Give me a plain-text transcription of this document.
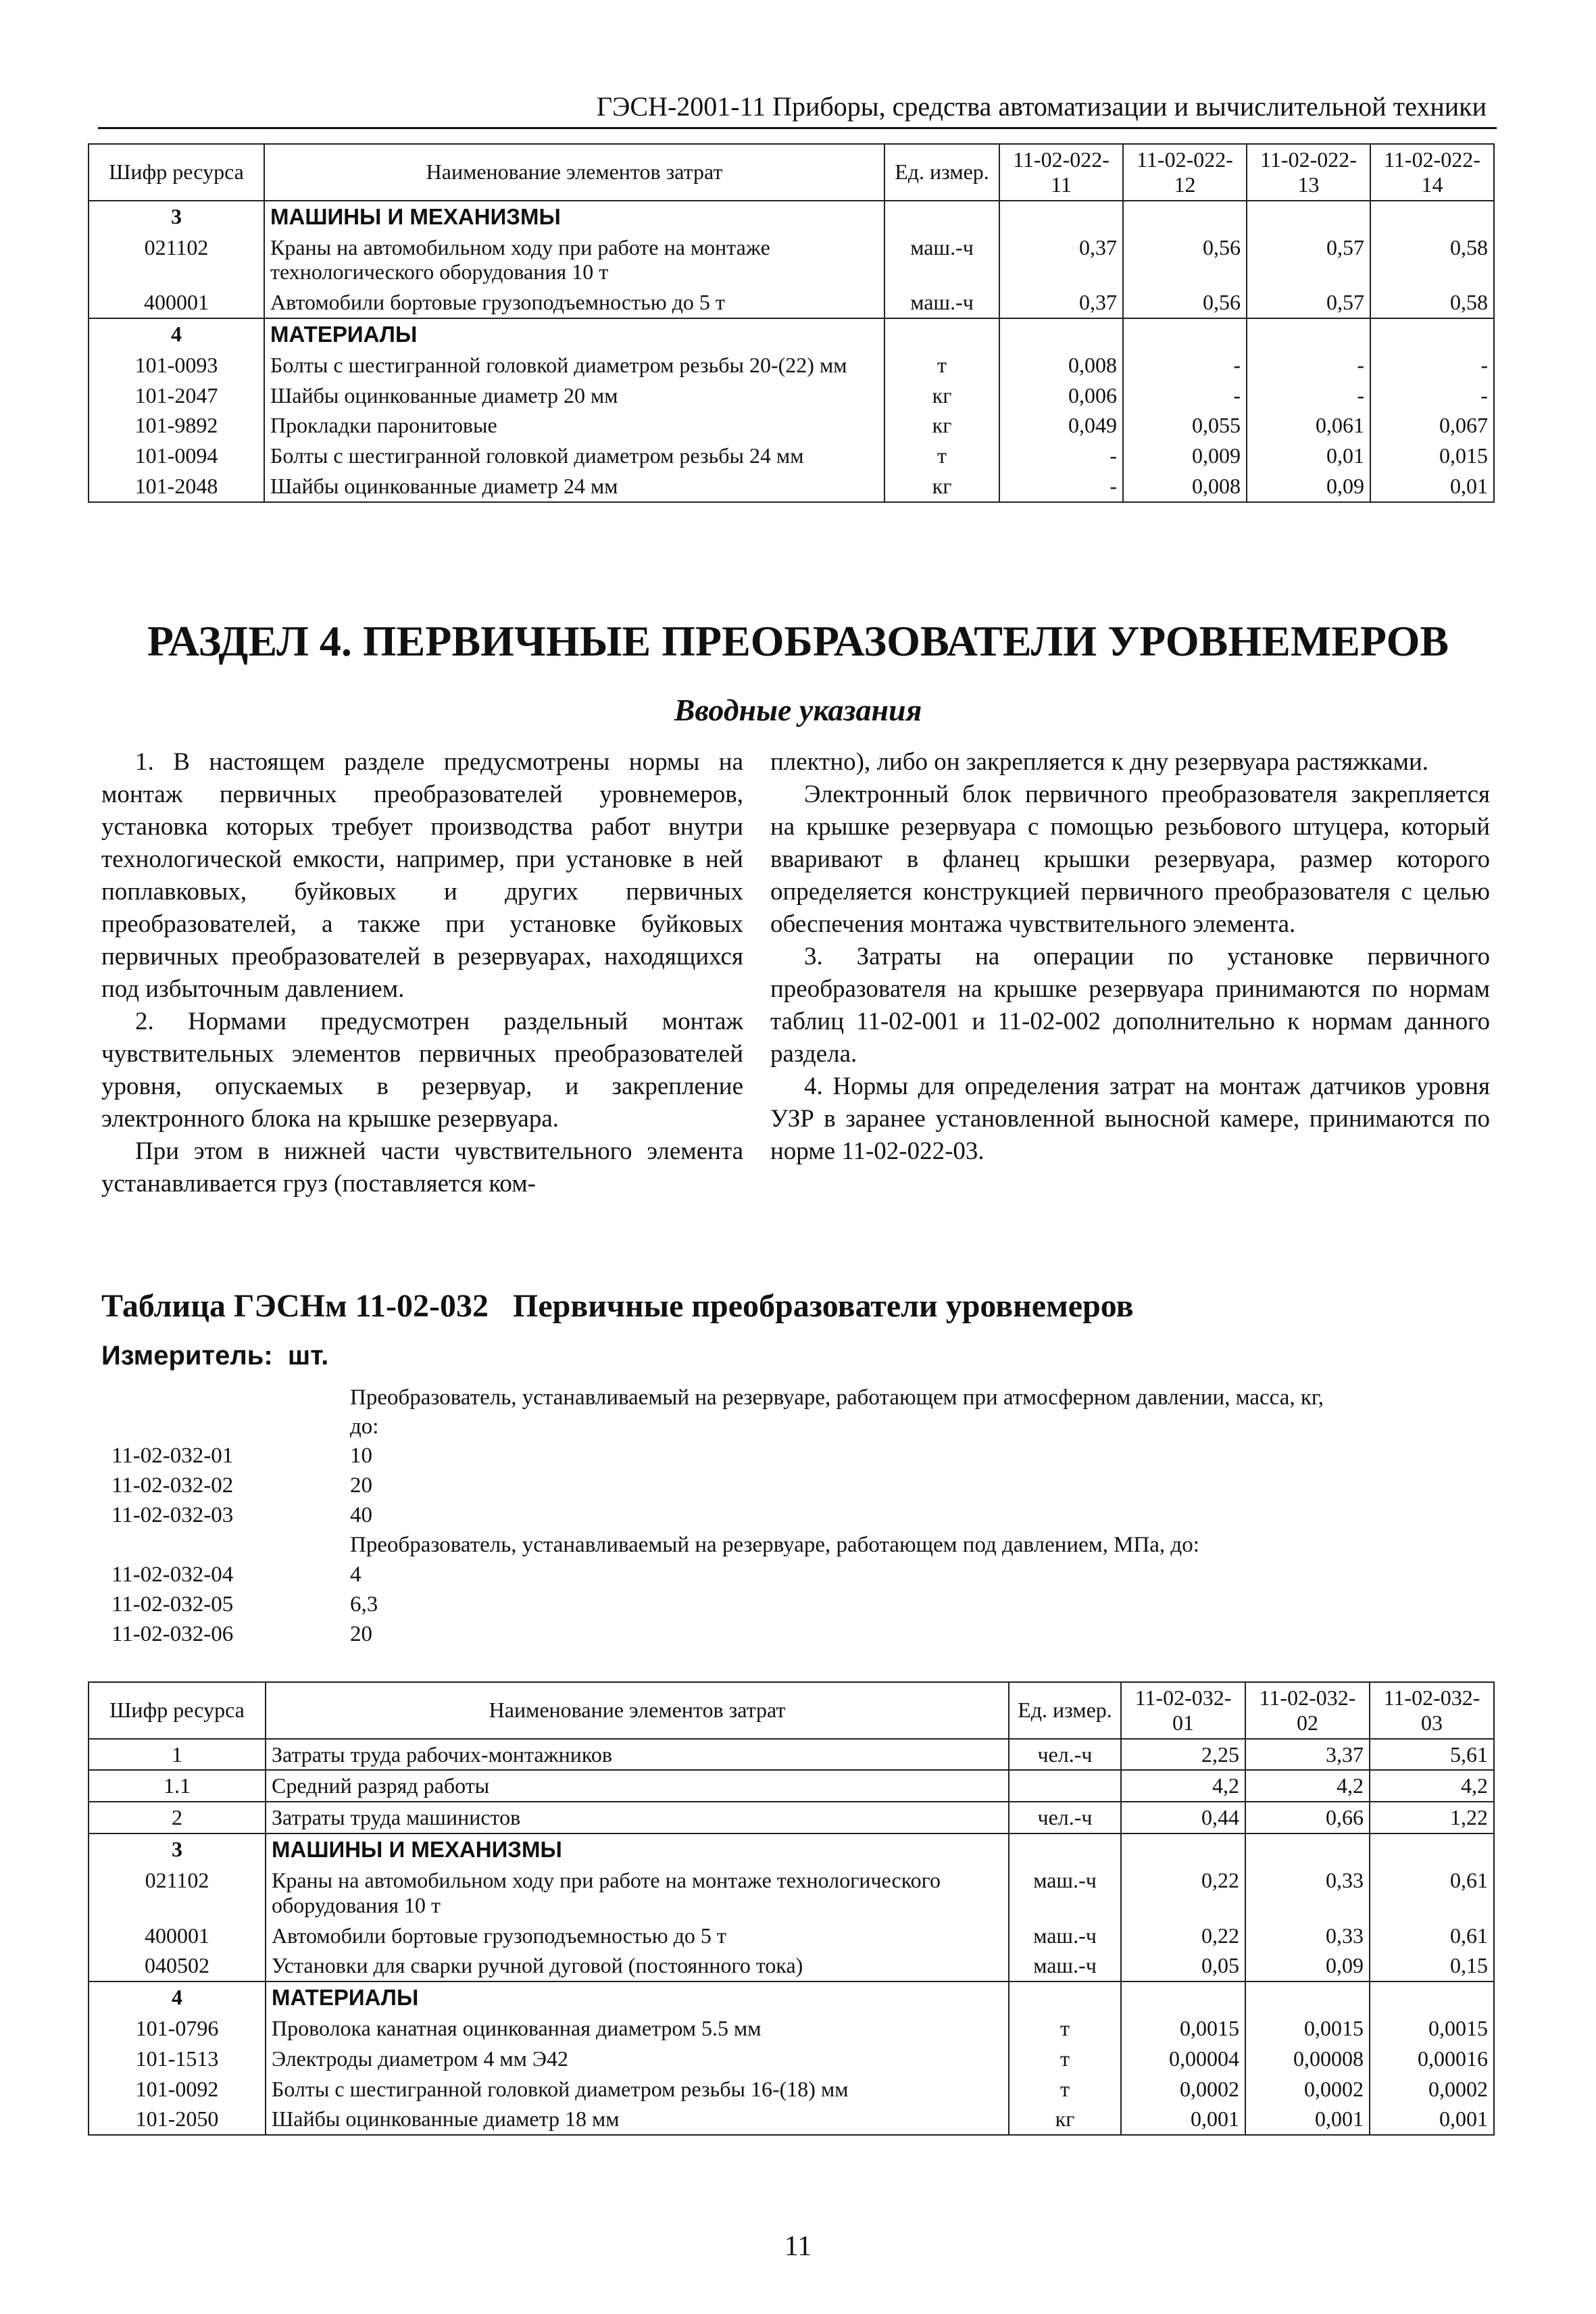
ГЭСН-2001-11 Приборы, средства автоматизации и вычислительной техники
Шифр ресурса	Наименование элементов затрат	Ед. измер.	11-02-022-11	11-02-022-12	11-02-022-13	11-02-022-14
3	МАШИНЫ И МЕХАНИЗМЫ					
021102	Краны на автомобильном ходу при работе на монтаже технологического оборудования 10 т	маш.-ч	0,37	0,56	0,57	0,58
400001	Автомобили бортовые грузоподъемностью до 5 т	маш.-ч	0,37	0,56	0,57	0,58
4	МАТЕРИАЛЫ					
101-0093	Болты с шестигранной головкой диаметром резьбы 20-(22) мм	т	0,008	-	-	-
101-2047	Шайбы оцинкованные диаметр 20 мм	кг	0,006	-	-	-
101-9892	Прокладки паронитовые	кг	0,049	0,055	0,061	0,067
101-0094	Болты с шестигранной головкой диаметром резьбы 24 мм	т	-	0,009	0,01	0,015
101-2048	Шайбы оцинкованные диаметр 24 мм	кг	-	0,008	0,09	0,01
РАЗДЕЛ 4. ПЕРВИЧНЫЕ ПРЕОБРАЗОВАТЕЛИ УРОВНЕМЕРОВ
Вводные указания

1. В настоящем разделе предусмотрены нормы на монтаж первичных преобразователей уровнемеров, установка которых требует производства работ внутри технологической емкости, например, при установке в ней поплавковых, буйковых и других первичных преобразователей, а также при установке буйковых первичных преобразователей в резервуарах, находящихся под избыточным давлением.

2. Нормами предусмотрен раздельный монтаж чувствительных элементов первичных преобразователей уровня, опускаемых в резервуар, и закрепление электронного блока на крышке резервуара.

При этом в нижней части чувствительного элемента устанавливается груз (поставляется ком-

плектно), либо он закрепляется к дну резервуара растяжками.

Электронный блок первичного преобразователя закрепляется на крышке резервуара с помощью резьбового штуцера, который вваривают в фланец крышки резервуара, размер которого определяется конструкцией первичного преобразователя с целью обеспечения монтажа чувствительного элемента.

3. Затраты на операции по установке первичного преобразователя на крышке резервуара принимаются по нормам таблиц 11-02-001 и 11-02-002 дополнительно к нормам данного раздела.

4. Нормы для определения затрат на монтаж датчиков уровня УЗР в заранее установленной выносной камере, принимаются по норме 11-02-022-03.

Таблица ГЭСНм 11-02-032   Первичные преобразователи уровнемеров
Измеритель:  шт.
Преобразователь, устанавливаемый на резервуаре, работающем при атмосферном давлении, масса, кг,
до:
11-02-032-01	10
11-02-032-02	20
11-02-032-03	40
Преобразователь, устанавливаемый на резервуаре, работающем под давлением, МПа, до:
11-02-032-04	4
11-02-032-05	6,3
11-02-032-06	20
Шифр ресурса	Наименование элементов затрат	Ед. измер.	11-02-032-01	11-02-032-02	11-02-032-03
1	Затраты труда рабочих-монтажников	чел.-ч	2,25	3,37	5,61
1.1	Средний разряд работы		4,2	4,2	4,2
2	Затраты труда машинистов	чел.-ч	0,44	0,66	1,22
3	МАШИНЫ И МЕХАНИЗМЫ				
021102	Краны на автомобильном ходу при работе на монтаже технологического оборудования 10 т	маш.-ч	0,22	0,33	0,61
400001	Автомобили бортовые грузоподъемностью до 5 т	маш.-ч	0,22	0,33	0,61
040502	Установки для сварки ручной дуговой (постоянного тока)	маш.-ч	0,05	0,09	0,15
4	МАТЕРИАЛЫ				
101-0796	Проволока канатная оцинкованная диаметром 5.5 мм	т	0,0015	0,0015	0,0015
101-1513	Электроды диаметром 4 мм Э42	т	0,00004	0,00008	0,00016
101-0092	Болты с шестигранной головкой диаметром резьбы 16-(18) мм	т	0,0002	0,0002	0,0002
101-2050	Шайбы оцинкованные диаметр 18 мм	кг	0,001	0,001	0,001
11
